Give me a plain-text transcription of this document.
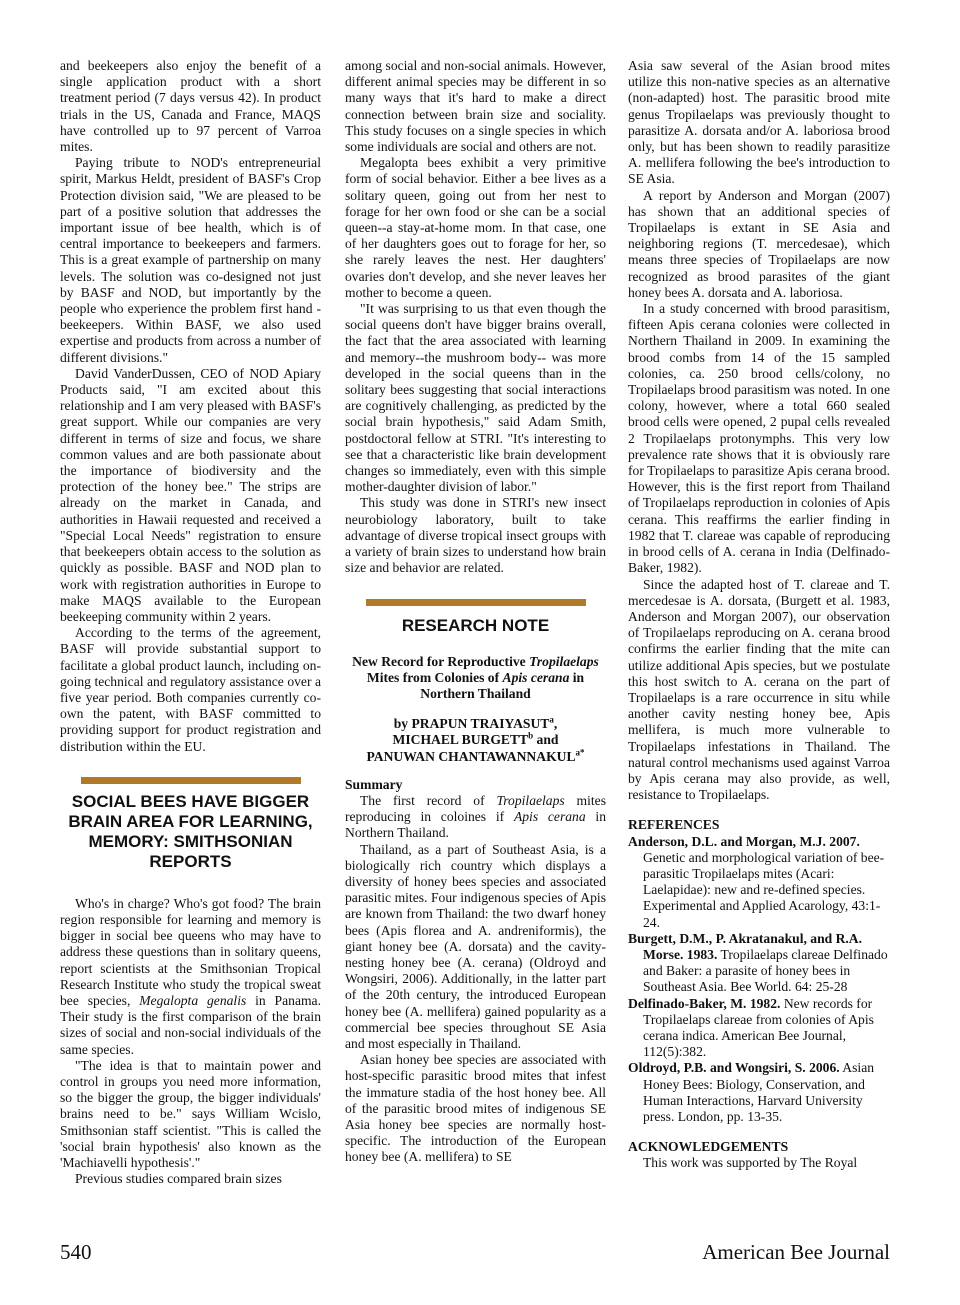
and beekeepers also enjoy the benefit of a single application product with a short treatment period (7 days versus 42). In product trials in the US, Canada and France, MAQS have controlled up to 97 percent of Varroa mites.

Paying tribute to NOD's entrepreneurial spirit, Markus Heldt, president of BASF's Crop Protection division said, "We are pleased to be part of a positive solution that addresses the important issue of bee health, which is of central importance to beekeepers and farmers. This is a great example of partnership on many levels. The solution was co-designed not just by BASF and NOD, but importantly by the people who experience the problem first hand - beekeepers. Within BASF, we also used expertise and products from across a number of different divisions."

David VanderDussen, CEO of NOD Apiary Products said, "I am excited about this relationship and I am very pleased with BASF's great support. While our companies are very different in terms of size and focus, we share common values and are both passionate about the importance of biodiversity and the protection of the honey bee." The strips are already on the market in Canada, and authorities in Hawaii requested and received a "Special Local Needs" registration to ensure that beekeepers obtain access to the solution as quickly as possible. BASF and NOD plan to work with registration authorities in Europe to make MAQS available to the European beekeeping community within 2 years.

According to the terms of the agreement, BASF will provide substantial support to facilitate a global product launch, including on-going technical and regulatory assistance over a five year period. Both companies currently co-own the patent, with BASF committed to providing support for product registration and distribution within the EU.

SOCIAL BEES HAVE BIGGER BRAIN AREA FOR LEARNING, MEMORY: SMITHSONIAN REPORTS

Who's in charge? Who's got food? The brain region responsible for learning and memory is bigger in social bee queens who may have to address these questions than in solitary queens, report scientists at the Smithsonian Tropical Research Institute who study the tropical sweat bee species, Megalopta genalis in Panama. Their study is the first comparison of the brain sizes of social and non-social individuals of the same species.

"The idea is that to maintain power and control in groups you need more information, so the bigger the group, the bigger individuals' brains need to be." says William Wcislo, Smithsonian staff scientist. "This is called the 'social brain hypothesis' also known as the 'Machiavelli hypothesis'."

Previous studies compared brain sizes

among social and non-social animals. However, different animal species may be different in so many ways that it's hard to make a direct connection between brain size and sociality. This study focuses on a single species in which some individuals are social and others are not.

Megalopta bees exhibit a very primitive form of social behavior. Either a bee lives as a solitary queen, going out from her nest to forage for her own food or she can be a social queen--a stay-at-home mom. In that case, one of her daughters goes out to forage for her, so she rarely leaves the nest. Her daughters' ovaries don't develop, and she never leaves her mother to become a queen.

"It was surprising to us that even though the social queens don't have bigger brains overall, the fact that the area associated with learning and memory--the mushroom body-- was more developed in the social queens than in the solitary bees suggesting that social interactions are cognitively challenging, as predicted by the social brain hypothesis," said Adam Smith, postdoctoral fellow at STRI. "It's interesting to see that a characteristic like brain development changes so immediately, even with this simple mother-daughter division of labor."

This study was done in STRI's new insect neurobiology laboratory, built to take advantage of diverse tropical insect groups with a variety of brain sizes to understand how brain size and behavior are related.

RESEARCH NOTE
New Record for Reproductive Tropilaelaps Mites from Colonies of Apis cerana in Northern Thailand
by PRAPUN TRAIYASUT$^a$,
MICHAEL BURGETT$^b$ and
PANUWAN $CHANTAWANNAKUL^{a*}$
Summary

The first record of Tropilaelaps mites reproducing in coloines if Apis cerana in Northern Thailand.

Thailand, as a part of Southeast Asia, is a biologically rich country which displays a diversity of honey bees species and associated parasitic mites. Four indigenous species of Apis are known from Thailand: the two dwarf honey bees (Apis florea and A. andreniformis), the giant honey bee (A. dorsata) and the cavity-nesting honey bee (A. cerana) (Oldroyd and Wongsiri, 2006). Additionally, in the latter part of the 20th century, the introduced European honey bee (A. mellifera) gained popularity as a commercial bee species throughout SE Asia and most especially in Thailand.

Asian honey bee species are associated with host-specific parasitic brood mites that infest the immature stadia of the host honey bee. All of the parasitic brood mites of indigenous SE Asia honey bee species are normally host-specific. The introduction of the European honey bee (A. mellifera) to SE

Asia saw several of the Asian brood mites utilize this non-native species as an alternative (non-adapted) host. The parasitic brood mite genus Tropilaelaps was previously thought to parasitize A. dorsata and/or A. laboriosa brood only, but has been shown to readily parasitize A. mellifera following the bee's introduction to SE Asia.

A report by Anderson and Morgan (2007) has shown that an additional species of Tropilaelaps is extant in SE Asia and neighboring regions (T. mercedesae), which means three species of Tropilaelaps are now recognized as brood parasites of the giant honey bees A. dorsata and A. laboriosa.

In a study concerned with brood parasitism, fifteen Apis cerana colonies were collected in Northern Thailand in 2009. In examining the brood combs from 14 of the 15 sampled colonies, ca. 250 brood cells/colony, no Tropilaelaps brood parasitism was noted. In one colony, however, where a total 660 sealed brood cells were opened, 2 pupal cells revealed 2 Tropilaelaps protonymphs. This very low prevalence rate shows that it is obviously rare for Tropilaelaps to parasitize Apis cerana brood. However, this is the first report from Thailand of Tropilaelaps reproduction in colonies of Apis cerana. This reaffirms the earlier finding in 1982 that T. clareae was capable of reproducing in brood cells of A. cerana in India (Delfinado-Baker, 1982).

Since the adapted host of T. clareae and T. mercedesae is A. dorsata, (Burgett et al. 1983, Anderson and Morgan 2007), our observation of Tropilaelaps reproducing on A. cerana brood confirms the earlier finding that the mite can utilize additional Apis species, but we postulate this host switch to A. cerana on the part of Tropilaelaps is a rare occurrence in situ while another cavity nesting honey bee, Apis mellifera, is much more vulnerable to Tropilaelaps infestations in Thailand. The natural control mechanisms used against Varroa by Apis cerana may also provide, as well, resistance to Tropilaelaps.

REFERENCES
Anderson, D.L. and Morgan, M.J. 2007. Genetic and morphological variation of bee-parasitic Tropilaelaps mites (Acari: Laelapidae): new and re-defined species. Experimental and Applied Acarology, 43:1-24.
Burgett, D.M., P. Akratanakul, and R.A. Morse. 1983. Tropilaelaps clareae Delfinado and Baker: a parasite of honey bees in Southeast Asia. Bee World. 64: 25-28
Delfinado-Baker, M. 1982. New records for Tropilaelaps clareae from colonies of Apis cerana indica. American Bee Journal, 112(5):382.
Oldroyd, P.B. and Wongsiri, S. 2006. Asian Honey Bees: Biology, Conservation, and Human Interactions, Harvard University press. London, pp. 13-35.
ACKNOWLEDGEMENTS

This work was supported by The Royal

540	American Bee Journal
